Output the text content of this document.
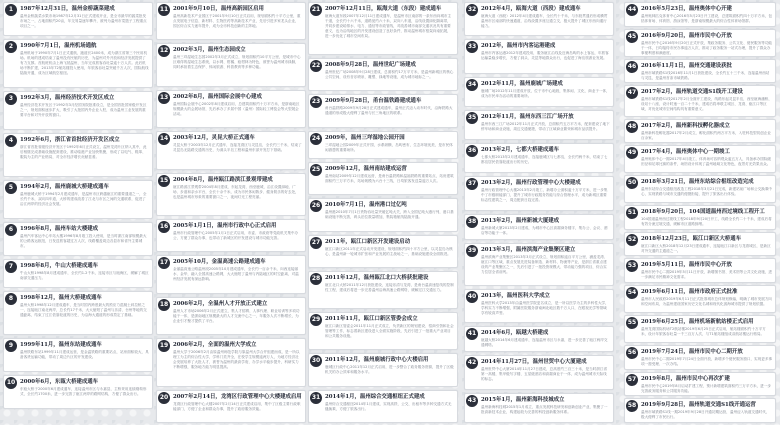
1	1987年12月31日，温州金桥蔬菜建成
温州金桥蔬菜水果市场1987年12月31日正式建成开业，是全市最早的蔬菜批发市场之一，占地面积约20亩，年交易量逐年攀升，被列为温州市菜篮子工程重点项目之一。
2	1990年7月1日，温州机场通航
温州机场于1990年7月1日正式通航，跑道长2400米，成为浙江省第三个民用机场。机场的建成结束了温州没有民航的历史，为温州对外开放和经济发展提供了有力支撑。首航班机由上海飞抵温州，当年完成旅客吞吐量逾十万人次。此后机场不断扩建，2013年T2航站楼投入使用，年旅客吞吐量突破千万人次，国际航线陆续开通，成为区域航空枢纽。
3	1992年3月，温州经济技术开发区成立
温州经济技术开发区于1992年3月经国务院批准设立，是全国首批国家级开发区之一，规划面积逐步扩大，吸引了大批国内外企业入驻，成为温州工业发展的重要平台和对外开放的窗口。
4	1992年6月，浙江省首批经济开发区成立
浙江省首批省级经济开发区于1992年6月正式设立，温州龙湾片区纳入其中，此后相继完成基础设施配套建设，推动临港产业加快集聚，形成了以电气、鞋革、服装为主的产业格局，对全市经济增长贡献显著。
5	1994年2月，温州鹿城大桥建成通车
温州鹿城大桥于1994年2月建成通车，是温州市区跨越瓯江的重要通道之一，全长约千米，双向四车道，大桥的建成改善了江北与市区之间的交通联系，促进了沿江两岸的经济社会发展。
6	1996年8月，温州车站大楼建成
温州汽车客运中心车站大楼1996年8月竣工投入使用，是当时浙江南部规模最大的公路客运枢纽，日发送旅客超过万人次，线路覆盖周边各县市和省外主要城市。
7	1998年8月，牛山大桥建成通车
牛山大桥1998年8月建成通车，全长约1.2千米，连接市区与瓯海区，缓解了城区南部交通压力。
8	1998年12月，温州大桥建成通车
温州大桥1998年12月建成通车，是当时国内跨度最大的预应力混凝土斜拉桥之一，连接瓯江南北两岸，总长约17千米，大大缩短了温州与乐清、台州等地的交通距离，结束了过江依靠轮渡的历史，为沿海大通道的形成奠定了基础。
9	1999年11月，温州东站建成通车
温州铁路东站1999年11月建成运营，是金温铁路的重要站点，站房面积较大，具备客货运输功能，带动了周边片区的开发建设。
10 2000年6月，东瓯大桥建成通车
东瓯大桥于2000年6月建成通车，连接温州市区与永嘉县，主桥采用连续刚构形式，全长约1700米，进一步完善了瓯江两岸的路网结构，方便了群众出行。
11 2001年9月10日，温州高新园区启用
温州高新技术产业园区于2001年9月10日正式启用，规划面积约十平方公里，重点发展电子信息、新材料、生物医药等高新技术产业，先后引进多家龙头企业，园区综合实力逐年提升，成为全市科技创新的主阵地。
12 2002年3月，温州生态园成立
温州三垟湿地生态园2002年3月正式成立，规划面积约10平方公里，是城市中心区难得的湿地生态系统，以水网、柑橘、瓯柑林为特色，被誉为温州城市绿肺，同时承担着生态保护、休闲旅游、科普教育等多种功能。
13 2002年8月，温州国际会展中心建成
温州国际会展中心2002年8月建成启用，总建筑面积约十万平方米，是浙南地区规模最大的会展场馆，先后承办了多届中国（温州）国际轻工博览会等大型展会活动。
14 2003年12月，灵昆大桥正式通车
灵昆大桥于2003年12月正式通车，连接龙湾区与灵昆岛，全长约三千米，结束了灵昆岛无陆路交通的历史，为洞头半岛工程和温州东部开发打下基础。
15 2004年8月，温州瓯江路滨江景观带建成
瓯江路滨江景观带2004年8月建成，东起龙湾，西至鹿城，沿江设置绿地、广场、步道和亲水平台，全长十余千米，成为市民休闲散步、健身娱乐的好去处，也是温州城市形象的重要窗口之一，夜间灯光工程亮丽。
16 2005年1月1日，温州市行政中心正式启用
温州市行政管理中心2005年1月1日正式启用，市委、市政府等党政机关集中办公，方便了群众办事，也带动了新城区的开发建设与城市功能完善。
17 2005年10月，金温高速公路建成通车
金丽温高速公路温州段2005年10月建成通车，全长约一百余千米，向西连接丽水、金华，融入全国高速公路网，大大缩短了温州与内陆地区的时空距离，对温州经济发展有深远影响。
18 2006年2月，全温州人才开放正式建立
温州人才市场2006年2月正式建立，集人才招聘、人事代理、职业培训等多项功能于一体，是浙南地区规模最大的人才交流中心之一，年服务人次不断增长，为企业引才聚才提供了平台。
19 2006年2月，全面的温州大学成立
温州大学于2006年2月由原温州师范学院与原温州大学合并组建而成，是一所以理工为主的综合性大学，学科门类齐全，在校学生规模逾两万人，为地方经济社会发展培养了大批人才，被誉为温州的最高学府，办学水平稳步提升，科研实力不断增强，服务地方能力明显提高。
20 2007年2月14日，龙湾区行政管理中心大楼建成启用
龙湾区行政管理中心大楼2007年2月14日正式建成启用，集中了区级主要行政职能部门，方便了企业和群众办事，提升了政府服务效能。
21 2007年12月11日，瓯海大道（东段）建成通车
瓯海大道东段2007年12月11日建成通车，是温州市区南部的一条东西向城市主干道，全长约十六千米，道路宽约六十米，双向八车道，沿线设置绿化隔离带，并同步建设给排水、电力、通信等市政管线，对改善城市南部交通状况具有重要意义，也为沿线地区的开发建设创造了良好条件，推动温州城市框架向南拓展，进一步优化了城市空间布局。
22 2008年9月28日，温州世纪广场建成
温州世纪广场2008年9月28日建成，总面积约17万平方米，是温州新城区的核心公共空间，设有音乐喷泉、雕塑、绿地等设施，成为城市地标之一。
23 2009年9月28日，甬台温铁路建成通车
甬台温铁路2009年9月28日正式建成通车，温州正式迈入动车时代，沿海铁路大通道的形成极大便利了温州与长三角地区的联系。
24 2009年，温州三垟湿地公园开园
三垟湿地公园2009年正式开园，水系纵横，岛屿密布，生态环境优美，是市民休闲游憩的重要场所。
25 2009年12月，温州南站建成运营
温州南站2009年12月建成运营，是甬台温铁路和温福铁路的重要站点，站房建筑面积约三万平方米，站场规模为六台十三线，日均旅客发送量逾万人次。
26 2010年7月1日，温州港口过亿吨
温州港2010年7月1日货物吞吐量突破亿吨大关，跨入全国亿吨大港行列，港口基础设施不断完善，码头泊位数量增加，集装箱航线陆续开通。
27 2011年，瓯江口新区开发建设启动
瓯江口新区2011年正式启动开发建设，规划面积约四十平方公里，以灵昆岛为核心，是温州新一轮城市扩张和产业发展的主战场之一，基础设施建设全面推进。
28 2011年12月，温州瓯江北口大桥获批建设
瓯江北口大桥2011年12月获批建设，连接乐清与龙湾，是甬台温高速复线的控制性工程，建成后将进一步完善温州沿海高速公路网络，缓解过江交通压力。
29 2011年11月，瓯江口新区管委会成立
瓯江口新区管委会2011年11月正式成立，负责新区的规划建设、招商引资和社会管理等工作，标志着新区建设进入全面实施阶段，先后引进了一批重大产业项目和公共服务设施。
30 2011年12月，温州鹿城行政中心大楼启用
鹿城区行政中心2011年12月正式启用，进一步整合了政务服务资源，提升了区级机关的办公效率和服务水平。
31 2014年1月，温州综合交通枢纽正式建成
温州综合交通枢纽2014年1月建成，实现高铁、公交、出租车等多种交通方式无缝换乘，方便了旅客出行。
32 2012年4月，瓯海大道（西段）建成通车
瓯海大道（西段）2012年4月建成通车，全长约十千米，与东段贯通后形成横贯温州市区南部的快速通道，沿线设置多座互通立交，极大提升了城区东西向通行能力。
33 2012年，温州市内客运港建成
温州市内客运港2012年建成投用，服务瓯江沿线及近海岛屿的水上客运，年旅客运输量稳步增长，方便了洞头、灵昆等地群众出行，也促进了海岛旅游业发展。
34 2012年11月，温州鹿城广场建成
鹿城广场2012年11月建成开放，位于市中心地段，集休闲、文化、商业于一体，成为市民举办活动的重要场所。
35 2012年11月，温州东西三江广场开放
温州东西三江广场2012年11月正式开放，总面积约五万平方米，配套建设了地下停车场和商业设施，周边交通便捷，带动了区域商业繁荣和城市品质提升。
36 2013年2月，七都大桥建成通车
七都大桥2013年2月建成通车，连接鹿城区与七都岛，全长约两千米，结束了七都岛居民依靠轮渡出行的历史。
37 2013年2月，温州行政管理中心大楼建成
温州行政管理中心大楼2013年2月竣工，新增办公面积逾十万平方米，进一步集中了市级职能部门，提升了城市行政服务效能与综合管理水平，成为新城区重要标志性建筑之一，周边配套日趋完善。
38 2013年2月，温州新城大厦建成
温州新城大厦2013年2月建成，为城市中心区高端商务楼宇，集办公、会议、酒店等功能于一体。
39 2013年3月，温州滨海产业集聚区建立
温州滨海产业集聚区2013年3月正式设立，规划面积逾百平方公里，涵盖龙湾、瓯江口等区域，重点发展先进装备制造、新材料、物流等产业，是浙江省重点建设的产业集聚区之一，先后引进了一批投资规模大、带动能力强的项目，综合实力位居全省前列。
40 2013年，温州医科大学成立
温州医科大学2013年由温州医学院更名成立，是一所以医学为主的多科性大学，学科实力不断增强，附属医院服务浙南闽北地区数千万人口，在眼视光学等领域享有较高声誉。
41 2014年6月，瓯越大桥建成
瓯越大桥2014年6月建成通车，连接温州市区与永嘉，进一步完善了瓯江两岸交通网络。
42 2014年11月27日，温州世贸中心大厦建成
温州世贸中心大厦2014年11月27日建成，总高度约三百三十米，是当时浙江省第一高楼，集甲级写字楼、五星级酒店和高端商业于一体，成为温州城市天际线的标志。
43 2015年1月，温州新海科技城成立
温州新海科技城2015年1月成立，重点发展科技研发和创新创业产业，集聚了一批高新技术企业，构建起较为完善的科技创新服务体系。
44 2016年5月23日，温州奥体中心开建
温州奥林匹克体育中心2016年5月23日开工建设，总建筑面积约四十万平方米，包括体育场、体育馆、游泳馆等，是浙南规模最大的综合性体育场馆群。
45 2016年9月20日，温州市民中心开放
温州市民中心2016年9月20日正式开放，集政务服务、公共文化、便民服务等功能于一体，日均接待市民办事逾万人次，推动了政务服务一站式办理，提升了群众办事便利度和满意度。
46 2016年11月1日，温州交通建设获批
温州市域铁路S1线2016年11月1日获批建设，全长约五十三千米，连接温州西站与灵昆，是温州首条市域铁路。
47 2017年2月，温州轨道交通S1线开工建设
温州市域铁路S1线2017年2月全面开工建设，线路东起灵昆半岛，西至瓯海潘桥，设站十八座，设计时速一百二十千米，建成后将串联主城区、龙湾、瓯江口等区域，对优化城市空间结构具有重要意义。
48 2017年2月，温州新科技孵化器成立
温州新科技孵化器2017年2月成立，孵化面积约两万平方米，入驻科技型初创企业百余家。
49 2017年4月，温州奥体中心一期竣工
温州奥体中心一期2017年4月竣工，体育场可容纳观众逾五万人，具备承办国际级田径和足球比赛的条件，场馆设计体现了温州地域文化特色，夜景灯光效果出众。
50 2018年3月21日，温州东站综合枢纽改造完成
温州东站综合交通枢纽改造工程2018年3月21日完成，新建站前广场和公交换乘中心，实现铁路与城市交通的便捷衔接，提升了旅客出行体验。
51 2018年9月20日，104国道温州西过境线工程开工
104国道温州西过境线工程2018年9月20日开工，线路全长约二十千米，建成后将有效分流过境交通，缓解市区道路拥堵。
52 2018年12月23日，瓯江口新区大桥通车
瓯江口新区大桥2018年12月23日建成通车，连接瓯江口新区与龙湾城区，是新区对外交通的主通道之一。
53 2019年5月11日，温州市民中心开放
温州市民中心二期2019年5月11日开放，新增图书馆、美术馆等公共文化设施，进一步满足市民精神文化需求。
54 2019年6月11日，温州市政府正式批准
温州市人民政府2019年6月11日正式批准城市总体规划修编，明确了城市发展方向和空间布局，为温州建设国家历史文化名城和现代化滨海城市提供了规划依据。
55 2019年6月25日，温州机场新航站楼正式启用
温州龙湾国际机场T2航站楼2019年6月25日正式启用，航站楼面积约十万平方米，设计年旅客吞吐量一千三百万人次，与T1航站楼组成双航站楼运行格局。
56 2019年7月24日，温州市民中心二期开放
温州市民中心二期2019年7月24日全面开放，新增多个便民服务窗口，实现更多事项一窗受理、一次办结。
57 2019年8月，温州市民中心再次扩建
温州市民中心2019年8月启动扩建工程，预计新增建筑面积约三万平方米，进一步完善政务服务和公共服务功能。
58 2019年9月28日，温州轨道交通S1线开通运营
温州市域铁路S1线一期2019年9月28日开通初期运营，温州迈入轨道交通时代，极大便利了市民出行。
